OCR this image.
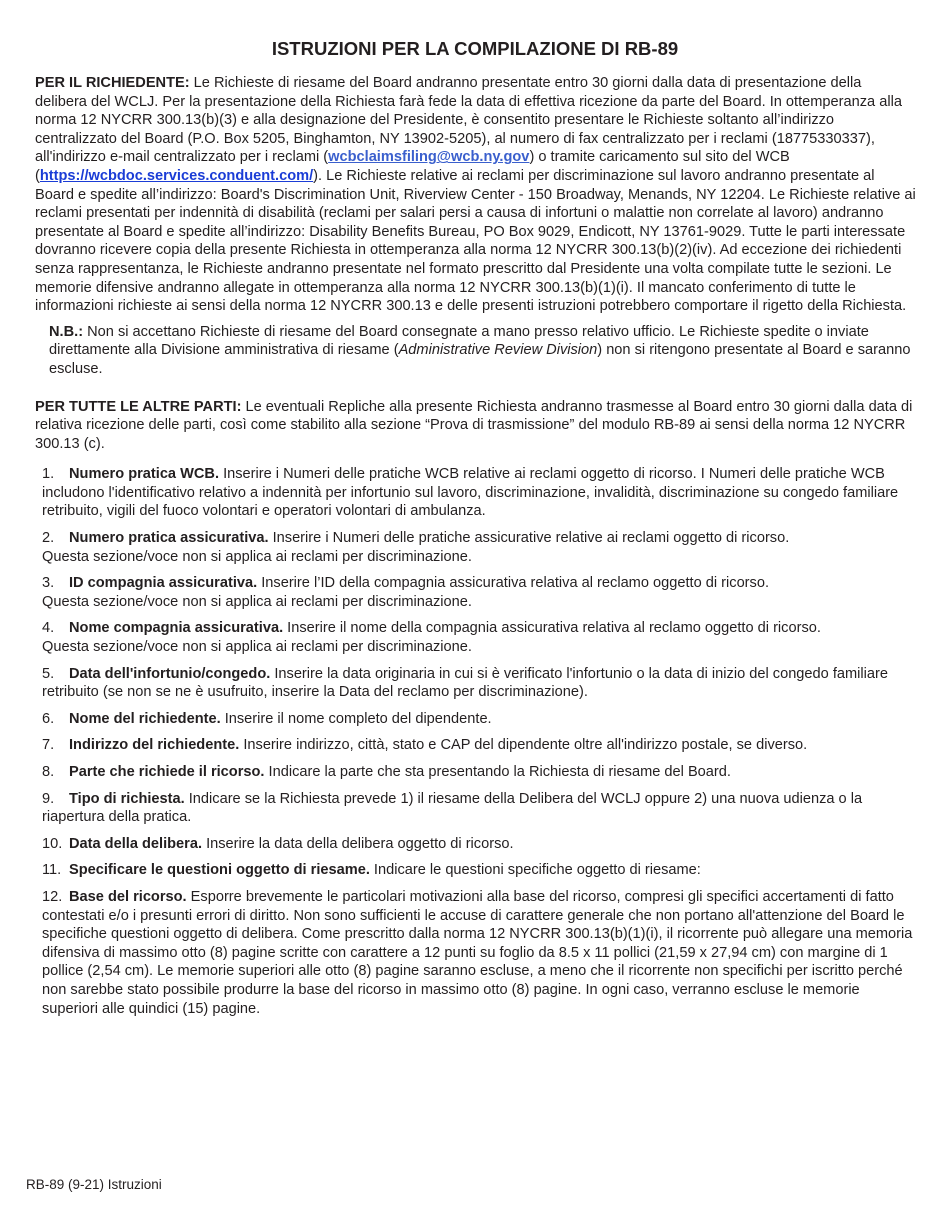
ISTRUZIONI PER LA COMPILAZIONE DI RB-89

PER IL RICHIEDENTE: Le Richieste di riesame del Board andranno presentate entro 30 giorni dalla data di presentazione della delibera del WCLJ. Per la presentazione della Richiesta farà fede la data di effettiva ricezione da parte del Board. In ottemperanza alla norma 12 NYCRR 300.13(b)(3) e alla designazione del Presidente, è consentito presentare le Richieste soltanto all’indirizzo centralizzato del Board (P.O. Box 5205, Binghamton, NY 13902-5205), al numero di fax centralizzato per i reclami (18775330337), all'indirizzo e-mail centralizzato per i reclami (wcbclaimsfiling@wcb.ny.gov) o tramite caricamento sul sito del WCB (https://wcbdoc.services.conduent.com/). Le Richieste relative ai reclami per discriminazione sul lavoro andranno presentate al Board e spedite all’indirizzo: Board's Discrimination Unit, Riverview Center - 150 Broadway, Menands, NY 12204. Le Richieste relative ai reclami presentati per indennità di disabilità (reclami per salari persi a causa di infortuni o malattie non correlate al lavoro) andranno presentate al Board e spedite all’indirizzo: Disability Benefits Bureau, PO Box 9029, Endicott, NY 13761-9029. Tutte le parti interessate dovranno ricevere copia della presente Richiesta in ottemperanza alla norma 12 NYCRR 300.13(b)(2)(iv). Ad eccezione dei richiedenti senza rappresentanza, le Richieste andranno presentate nel formato prescritto dal Presidente una volta compilate tutte le sezioni. Le memorie difensive andranno allegate in ottemperanza alla norma 12 NYCRR 300.13(b)(1)(i). Il mancato conferimento di tutte le informazioni richieste ai sensi della norma 12 NYCRR 300.13 e delle presenti istruzioni potrebbero comportare il rigetto della Richiesta.

N.B.: Non si accettano Richieste di riesame del Board consegnate a mano presso relativo ufficio. Le Richieste spedite o inviate direttamente alla Divisione amministrativa di riesame (Administrative Review Division) non si ritengono presentate al Board e saranno escluse.

PER TUTTE LE ALTRE PARTI: Le eventuali Repliche alla presente Richiesta andranno trasmesse al Board entro 30 giorni dalla data di relativa ricezione delle parti, così come stabilito alla sezione “Prova di trasmissione” del modulo RB-89 ai sensi della norma 12 NYCRR 300.13 (c).

1. Numero pratica WCB. Inserire i Numeri delle pratiche WCB relative ai reclami oggetto di ricorso. I Numeri delle pratiche WCB includono l'identificativo relativo a indennità per infortunio sul lavoro, discriminazione, invalidità, discriminazione su congedo familiare retribuito, vigili del fuoco volontari e operatori volontari di ambulanza.

2. Numero pratica assicurativa. Inserire i Numeri delle pratiche assicurative relative ai reclami oggetto di ricorso.
Questa sezione/voce non si applica ai reclami per discriminazione.

3. ID compagnia assicurativa. Inserire l’ID della compagnia assicurativa relativa al reclamo oggetto di ricorso.
Questa sezione/voce non si applica ai reclami per discriminazione.

4. Nome compagnia assicurativa. Inserire il nome della compagnia assicurativa relativa al reclamo oggetto di ricorso.
Questa sezione/voce non si applica ai reclami per discriminazione.

5. Data dell'infortunio/congedo. Inserire la data originaria in cui si è verificato l'infortunio o la data di inizio del congedo familiare retribuito (se non se ne è usufruito, inserire la Data del reclamo per discriminazione).

6. Nome del richiedente. Inserire il nome completo del dipendente.

7. Indirizzo del richiedente. Inserire indirizzo, città, stato e CAP del dipendente oltre all'indirizzo postale, se diverso.

8. Parte che richiede il ricorso. Indicare la parte che sta presentando la Richiesta di riesame del Board.

9. Tipo di richiesta. Indicare se la Richiesta prevede 1) il riesame della Delibera del WCLJ oppure 2) una nuova udienza o la riapertura della pratica.

10. Data della delibera. Inserire la data della delibera oggetto di ricorso.

11. Specificare le questioni oggetto di riesame. Indicare le questioni specifiche oggetto di riesame:

12. Base del ricorso. Esporre brevemente le particolari motivazioni alla base del ricorso, compresi gli specifici accertamenti di fatto contestati e/o i presunti errori di diritto. Non sono sufficienti le accuse di carattere generale che non portano all'attenzione del Board le specifiche questioni oggetto di delibera. Come prescritto dalla norma 12 NYCRR 300.13(b)(1)(i), il ricorrente può allegare una memoria difensiva di massimo otto (8) pagine scritte con carattere a 12 punti su foglio da 8.5 x 11 pollici (21,59 x 27,94 cm) con margine di 1 pollice (2,54 cm). Le memorie superiori alle otto (8) pagine saranno escluse, a meno che il ricorrente non specifichi per iscritto perché non sarebbe stato possibile produrre la base del ricorso in massimo otto (8) pagine. In ogni caso, verranno escluse le memorie superiori alle quindici (15) pagine.

RB-89 (9-21) Istruzioni
